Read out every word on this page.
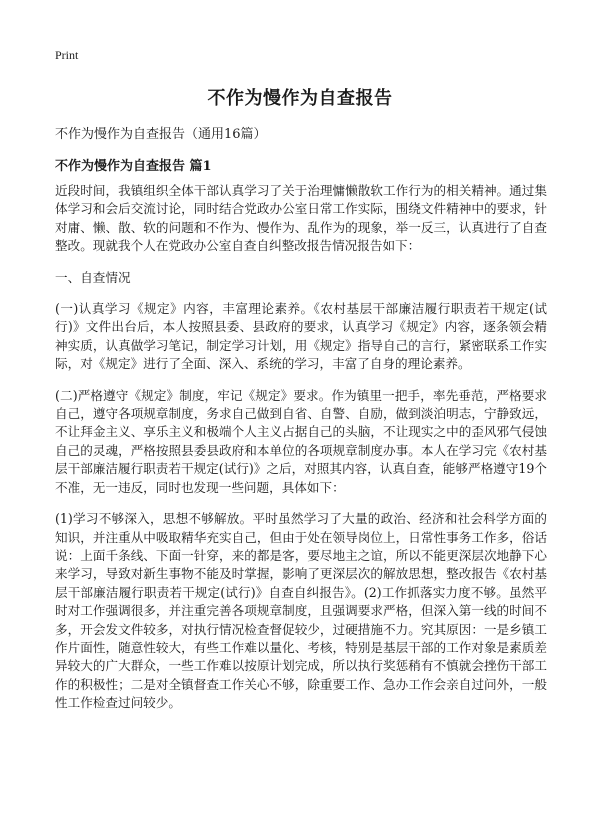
Print
不作为慢作为自查报告
不作为慢作为自查报告（通用16篇）
不作为慢作为自查报告 篇1

近段时间，我镇组织全体干部认真学习了关于治理慵懒散软工作行为的相关精神。通过集体学习和会后交流讨论，同时结合党政办公室日常工作实际，围绕文件精神中的要求，针对庸、懒、散、软的问题和不作为、慢作为、乱作为的现象，举一反三，认真进行了自查整改。现就我个人在党政办公室自查自纠整改报告情况报告如下：

一、自查情况

(一)认真学习《规定》内容，丰富理论素养。《农村基层干部廉洁履行职责若干规定(试行)》文件出台后，本人按照县委、县政府的要求，认真学习《规定》内容，逐条领会精神实质，认真做学习笔记，制定学习计划，用《规定》指导自己的言行，紧密联系工作实际，对《规定》进行了全面、深入、系统的学习，丰富了自身的理论素养。

(二)严格遵守《规定》制度，牢记《规定》要求。作为镇里一把手，率先垂范，严格要求自己，遵守各项规章制度，务求自己做到自省、自警、自励，做到淡泊明志，宁静致远，不让拜金主义、享乐主义和极端个人主义占据自己的头脑，不让现实之中的歪风邪气侵蚀自己的灵魂，严格按照县委县政府和本单位的各项规章制度办事。本人在学习完《农村基层干部廉洁履行职责若干规定(试行)》之后，对照其内容，认真自查，能够严格遵守19个不准，无一违反，同时也发现一些问题，具体如下：

(1)学习不够深入，思想不够解放。平时虽然学习了大量的政治、经济和社会科学方面的知识，并注重从中吸取精华充实自己，但由于处在领导岗位上，日常性事务工作多，俗话说：上面千条线、下面一针穿，来的都是客，要尽地主之谊，所以不能更深层次地静下心来学习，导致对新生事物不能及时掌握，影响了更深层次的解放思想，整改报告《农村基层干部廉洁履行职责若干规定(试行)》自查自纠报告》。(2)工作抓落实力度不够。虽然平时对工作强调很多，并注重完善各项规章制度，且强调要求严格，但深入第一线的时间不多，开会发文件较多，对执行情况检查督促较少，过硬措施不力。究其原因：一是乡镇工作片面性，随意性较大，有些工作难以量化、考核，特别是基层干部的工作对象是素质差异较大的广大群众，一些工作难以按原计划完成，所以执行奖惩稍有不慎就会挫伤干部工作的积极性；二是对全镇督查工作关心不够，除重要工作、急办工作会亲自过问外，一般性工作检查过问较少。
